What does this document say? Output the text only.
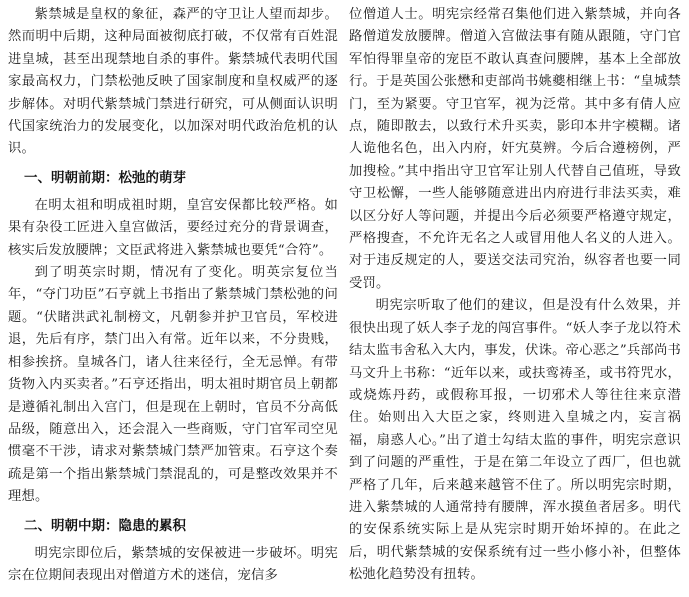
紫禁城是皇权的象征，森严的守卫让人望而却步。然而明中后期，这种局面被彻底打破，不仅常有百姓混进皇城，甚至出现禁地自杀的事件。紫禁城代表明代国家最高权力，门禁松弛反映了国家制度和皇权威严的逐步解体。对明代紫禁城门禁进行研究，可从侧面认识明代国家统治力的发展变化，以加深对明代政治危机的认识。

一、明朝前期：松弛的萌芽

在明太祖和明成祖时期，皇宫安保都比较严格。如果有杂役工匠进入皇宫做活，要经过充分的背景调查，核实后发放腰牌；文臣武将进入紫禁城也要凭“合符”。

到了明英宗时期，情况有了变化。明英宗复位当年，“夺门功臣”石亨就上书指出了紫禁城门禁松弛的问题。“伏睹洪武礼制榜文，凡朝参并护卫官员，军校进退，先后有序，禁门出入有常。近年以来，不分贵贱，相参挨挤。皇城各门，诸人往来径行，全无忌惮。有带货物入内买卖者。”石亨还指出，明太祖时期官员上朝都是遵循礼制出入宫门，但是现在上朝时，官员不分高低品级，随意出入，还会混入一些商贩，守门官军司空见惯毫不干涉，请求对紫禁城门禁严加管束。石亨这个奏疏是第一个指出紫禁城门禁混乱的，可是整改效果并不理想。

二、明朝中期：隐患的累积

明宪宗即位后，紫禁城的安保被进一步破坏。明宪宗在位期间表现出对僧道方术的迷信，宠信多

位僧道人士。明宪宗经常召集他们进入紫禁城，并向各路僧道发放腰牌。僧道入宫做法事有随从跟随，守门官军怕得罪皇帝的宠臣不敢认真查问腰牌，基本上全部放行。于是英国公张懋和吏部尚书姚夔相继上书：“皇城禁门，至为紧要。守卫官军，视为泛常。其中多有倩人应点，随即散去，以致行术升买卖，影印本井字模糊。诸人诡他名色，出入内府，奸宄莫辨。今后合遵榜例，严加搜检。”其中指出守卫官军让别人代替自己值班，导致守卫松懈，一些人能够随意进出内府进行非法买卖，难以区分好人等问题，并提出今后必须要严格遵守规定，严格搜查，不允许无名之人或冒用他人名义的人进入。对于违反规定的人，要送交法司究治，纵容者也要一同受罚。

明宪宗听取了他们的建议，但是没有什么效果，并很快出现了妖人李子龙的闯宫事件。“妖人李子龙以符术结太监韦舍私入大内，事发，伏诛。帝心恶之”兵部尚书马文升上书称：“近年以来，或扶鸾祷圣，或书符咒水，或烧炼丹药，或假称耳报，一切邪术人等往往来京潜住。始则出入大臣之家，终则进入皇城之内，妄言祸福，扇惑人心。”出了道士勾结太监的事件，明宪宗意识到了问题的严重性，于是在第二年设立了西厂，但也就严格了几年，后来越来越管不住了。所以明宪宗时期，进入紫禁城的人通常持有腰牌，浑水摸鱼者居多。明代的安保系统实际上是从宪宗时期开始坏掉的。在此之后，明代紫禁城的安保系统有过一些小修小补，但整体松弛化趋势没有扭转。
